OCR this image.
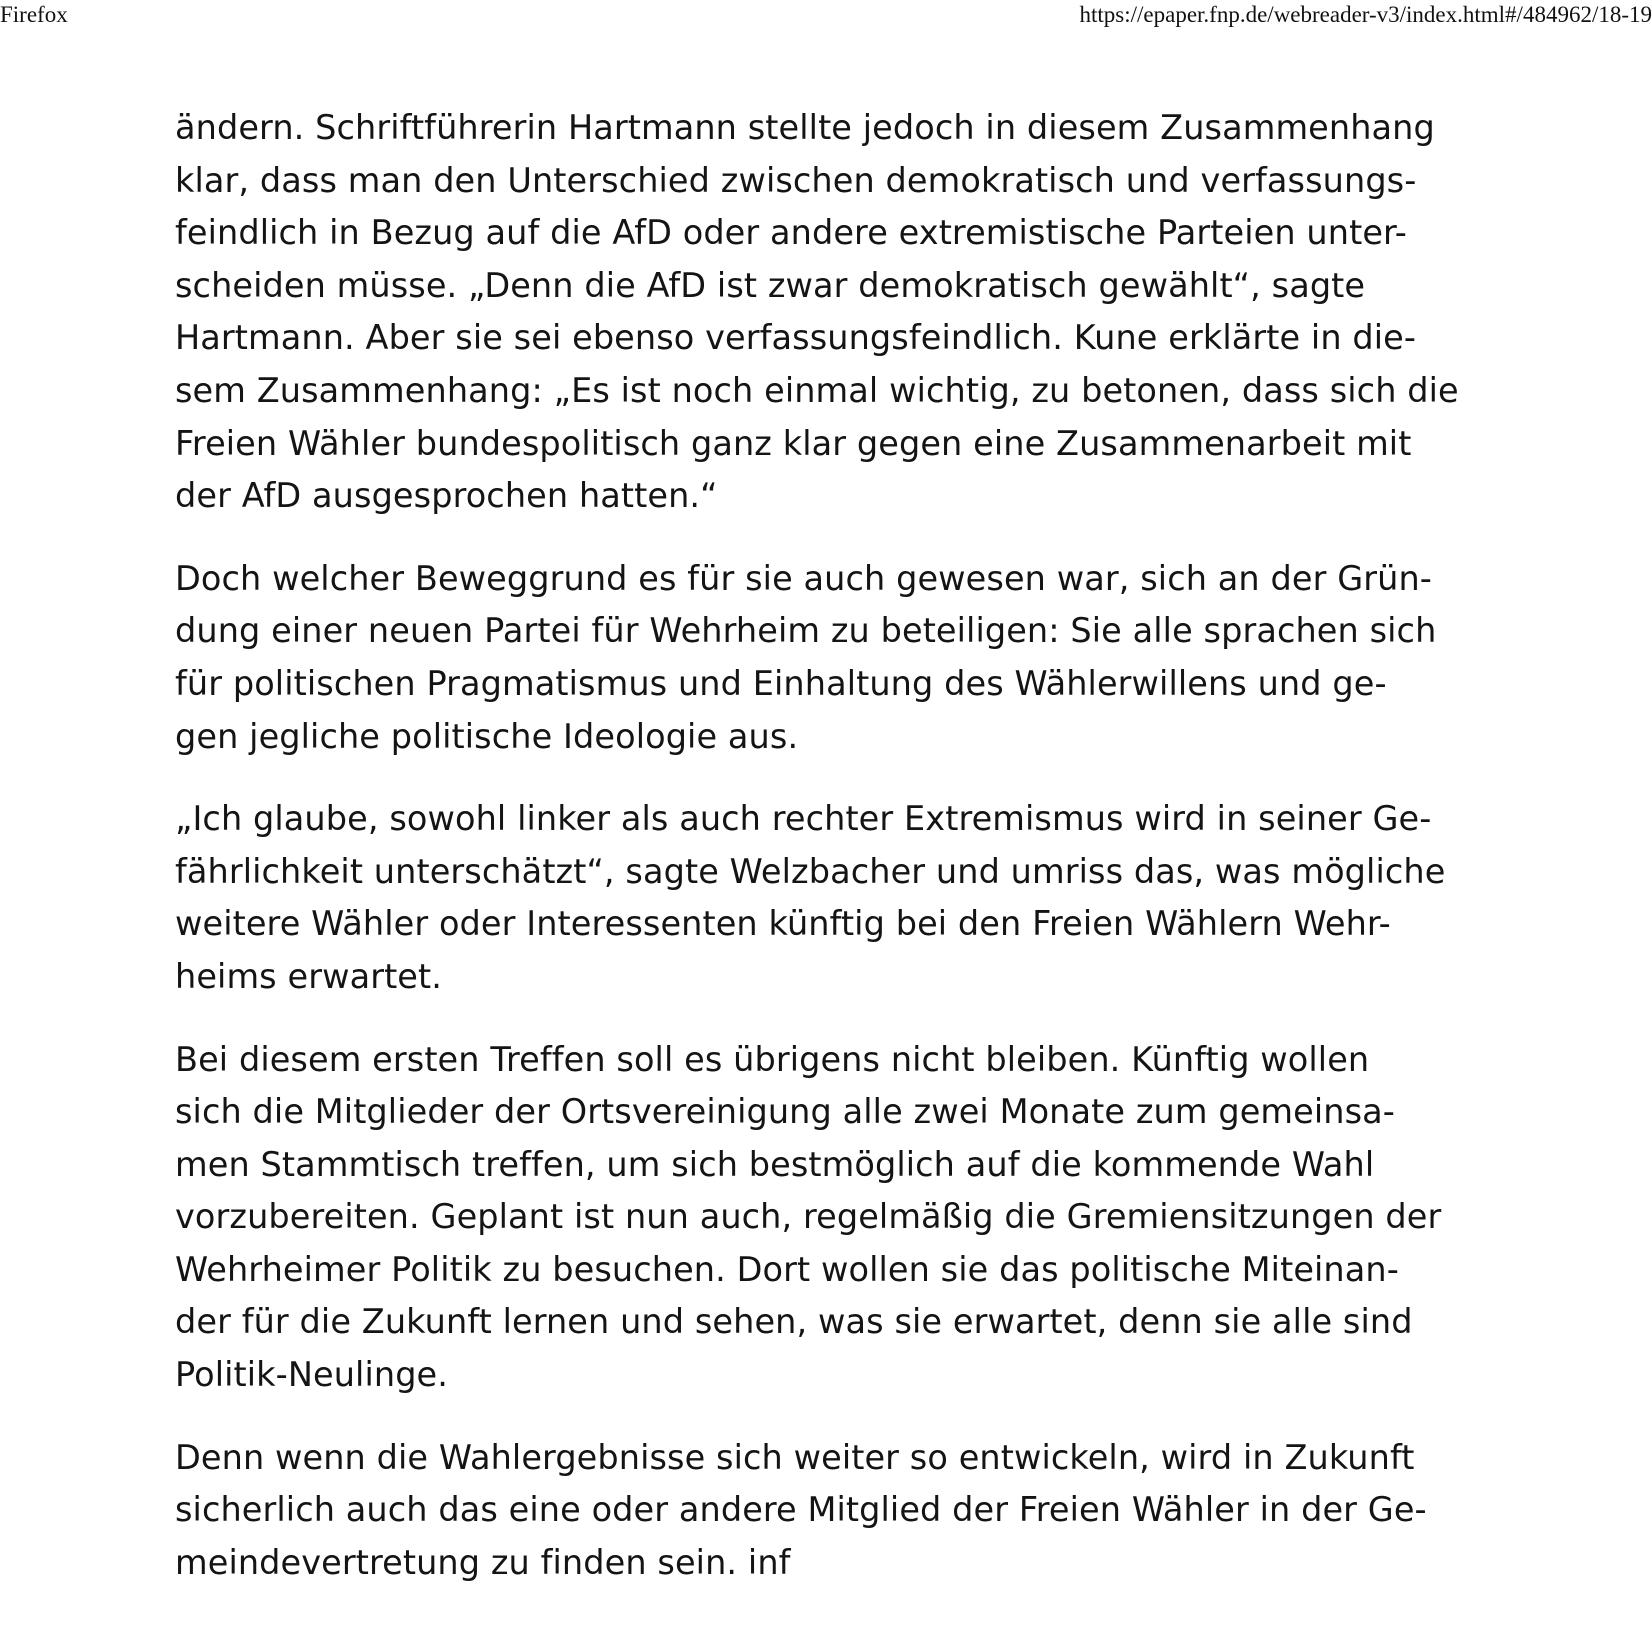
Firefox	https://epaper.fnp.de/webreader-v3/index.html#/484962/18-19

ändern. Schriftführerin Hartmann stellte jedoch in diesem Zusammenhang
klar, dass man den Unterschied zwischen demokratisch und verfassungs-
feindlich in Bezug auf die AfD oder andere extremistische Parteien unter-
scheiden müsse. „Denn die AfD ist zwar demokratisch gewählt“, sagte
Hartmann. Aber sie sei ebenso verfassungsfeindlich. Kune erklärte in die-
sem Zusammenhang: „Es ist noch einmal wichtig, zu betonen, dass sich die
Freien Wähler bundespolitisch ganz klar gegen eine Zusammenarbeit mit
der AfD ausgesprochen hatten.“

Doch welcher Beweggrund es für sie auch gewesen war, sich an der Grün-
dung einer neuen Partei für Wehrheim zu beteiligen: Sie alle sprachen sich
für politischen Pragmatismus und Einhaltung des Wählerwillens und ge-
gen jegliche politische Ideologie aus.

„Ich glaube, sowohl linker als auch rechter Extremismus wird in seiner Ge-
fährlichkeit unterschätzt“, sagte Welzbacher und umriss das, was mögliche
weitere Wähler oder Interessenten künftig bei den Freien Wählern Wehr-
heims erwartet.

Bei diesem ersten Treffen soll es übrigens nicht bleiben. Künftig wollen
sich die Mitglieder der Ortsvereinigung alle zwei Monate zum gemeinsa-
men Stammtisch treffen, um sich bestmöglich auf die kommende Wahl
vorzubereiten. Geplant ist nun auch, regelmäßig die Gremiensitzungen der
Wehrheimer Politik zu besuchen. Dort wollen sie das politische Miteinan-
der für die Zukunft lernen und sehen, was sie erwartet, denn sie alle sind
Politik-Neulinge.

Denn wenn die Wahlergebnisse sich weiter so entwickeln, wird in Zukunft
sicherlich auch das eine oder andere Mitglied der Freien Wähler in der Ge-
meindevertretung zu finden sein. inf
